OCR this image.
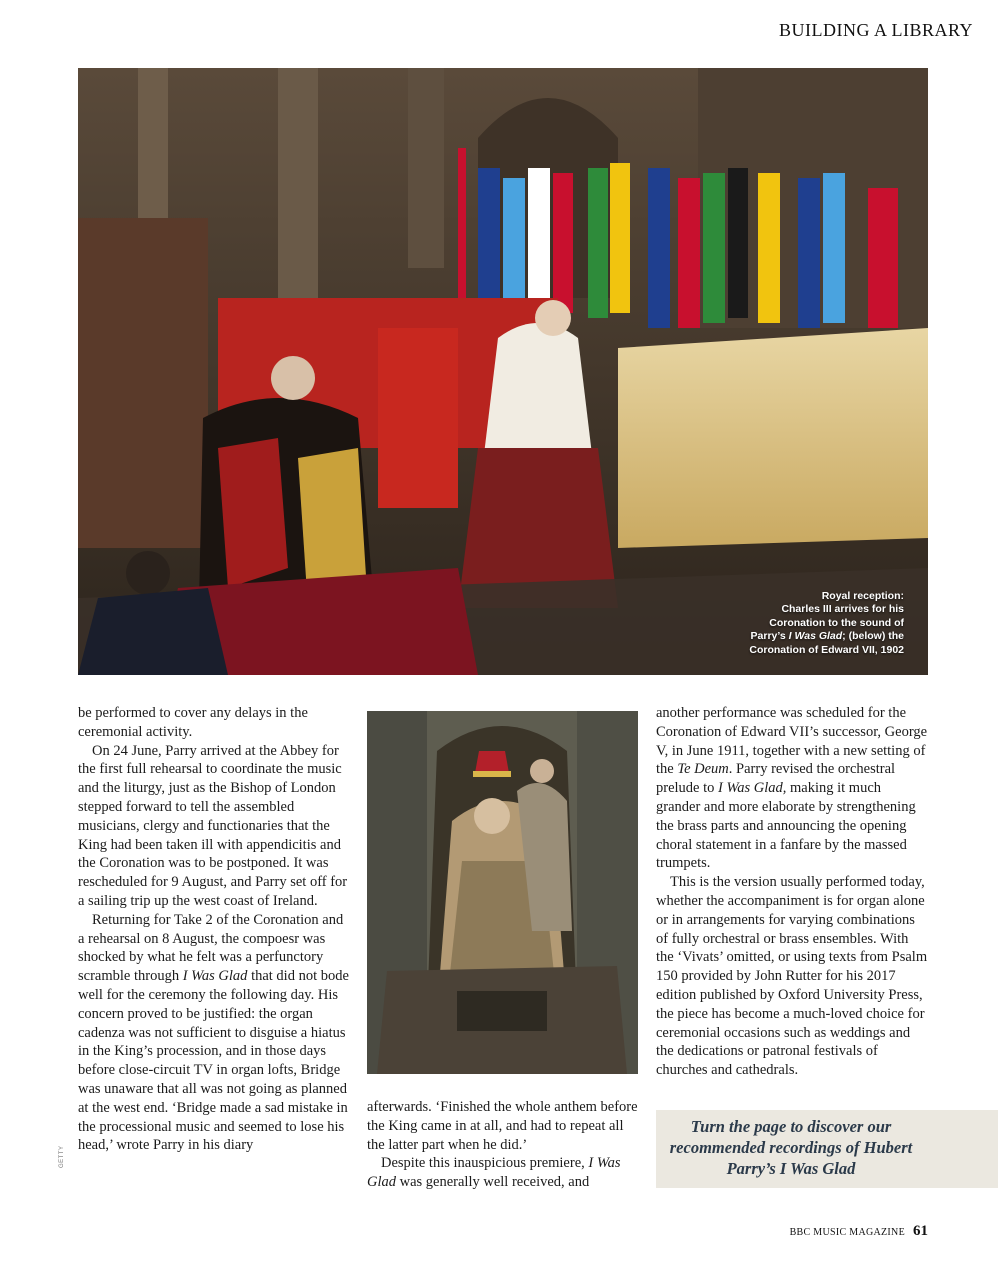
BUILDING A LIBRARY

Royal reception:

Charles III arrives for his

Coronation to the sound of

Parry’s I Was Glad; (below) the

Coronation of Edward VII, 1902

be performed to cover any delays in the ceremonial activity.

On 24 June, Parry arrived at the Abbey for the first full rehearsal to coordinate the music and the liturgy, just as the Bishop of London stepped forward to tell the assembled musicians, clergy and functionaries that the King had been taken ill with appendicitis and the Coronation was to be postponed. It was rescheduled for 9 August, and Parry set off for a sailing trip up the west coast of Ireland.

Returning for Take 2 of the Coronation and a rehearsal on 8 August, the compoesr was shocked by what he felt was a perfunctory scramble through I Was Glad that did not bode well for the ceremony the following day. His concern proved to be justified: the organ cadenza was not sufficient to disguise a hiatus in the King’s procession, and in those days before close-circuit TV in organ lofts, Bridge was unaware that all was not going as planned at the west end. ‘Bridge made a sad mistake in the processional music and seemed to lose his head,’ wrote Parry in his diary

afterwards. ‘Finished the whole anthem before the King came in at all, and had to repeat all the latter part when he did.’

Despite this inauspicious premiere, I Was Glad was generally well received, and

another performance was scheduled for the Coronation of Edward VII’s successor, George V, in June 1911, together with a new setting of the Te Deum. Parry revised the orchestral prelude to I Was Glad, making it much grander and more elaborate by strengthening the brass parts and announcing the opening choral statement in a fanfare by the massed trumpets.

This is the version usually performed today, whether the accompaniment is for organ alone or in arrangements for varying combinations of fully orchestral or brass ensembles. With the ‘Vivats’ omitted, or using texts from Psalm 150 provided by John Rutter for his 2017 edition published by Oxford University Press, the piece has become a much-loved choice for ceremonial occasions such as weddings and the dedications or patronal festivals of churches and cathedrals.

Turn the page to discover our recommended recordings of Hubert Parry’s I Was Glad
GETTY
BBC MUSIC MAGAZINE 61
